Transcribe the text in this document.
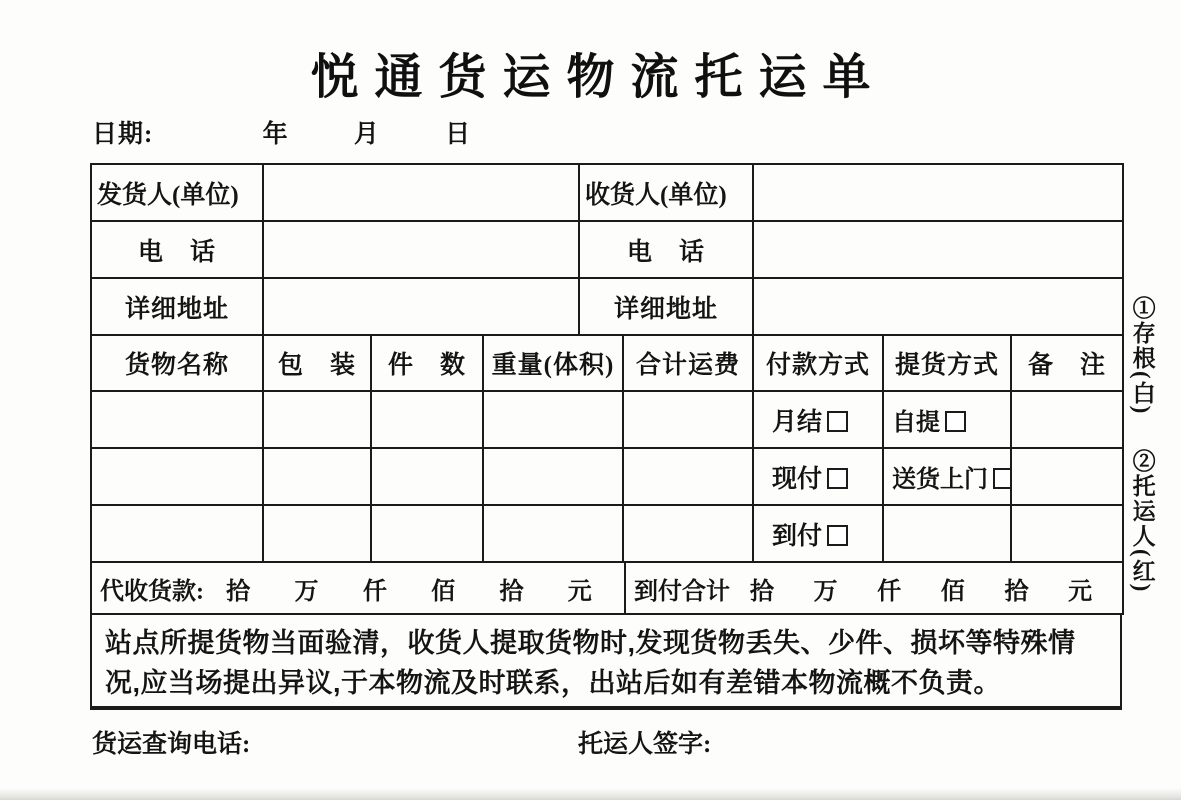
悦通货运物流托运单
日期:	年	月	日
发货人(单位)		收货人(单位)	
电　话		电　话	
详细地址		详细地址	
货物名称	包　装	件　数	重量(体积)	合计运费	付款方式	提货方式	备　注
					月结	自提	
					现付	送货上门	
					到付		
代收货款: 拾 万 仟 佰 拾 元	到付合计 拾 万 仟 佰 拾 元
站点所提货物当面验清，收货人提取货物时,发现货物丢失、少件、损坏等特殊情
况,应当场提出异议,于本物流及时联系，出站后如有差错本物流概不负责。
①存根(白) ②托运人(红)
货运查询电话:	托运人签字:
